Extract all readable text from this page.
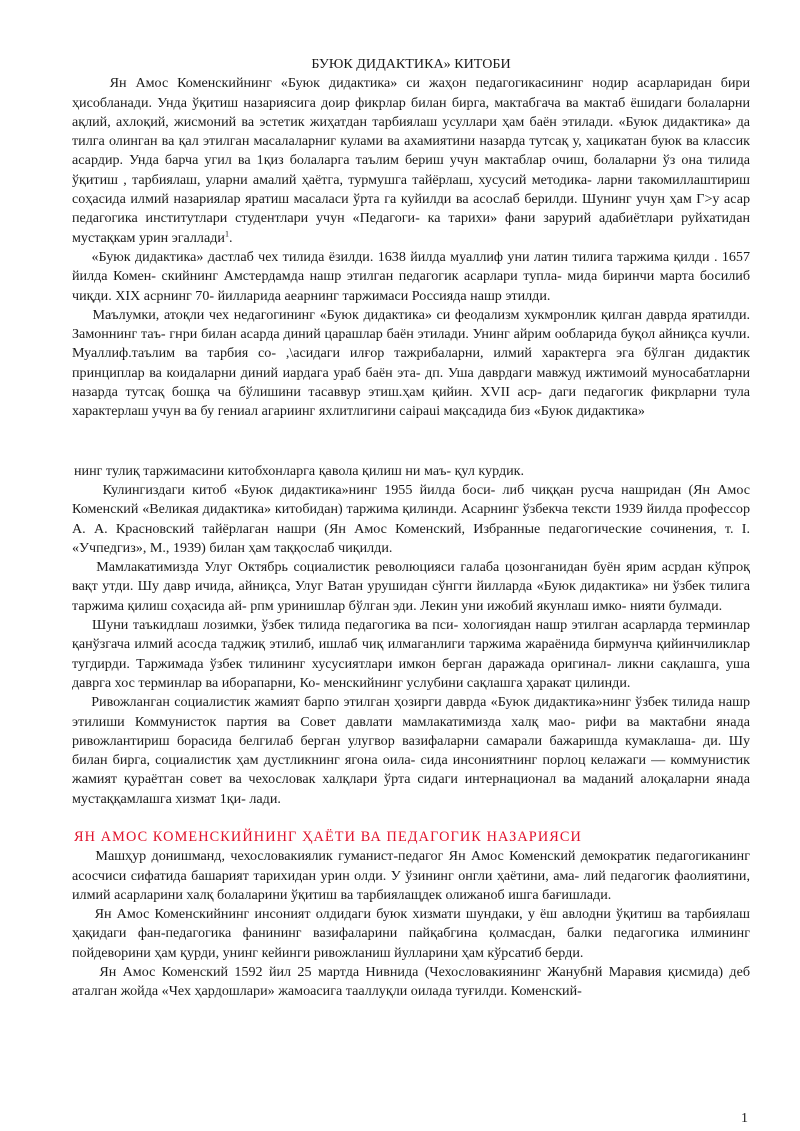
БУЮК ДИДАКТИКА» КИТОБИ

Ян Амос Коменскийнинг «Буюк дидактика» си жаҳон педагогикасининг нодир асарларидан бири ҳисобланади. Унда ўқитиш назариясига доир фикрлар билан бирга, мактабгача ва мактаб ёшидаги болаларни ақлий, ахлоқий, жисмоний ва эстетик жиҳатдан тарбиялаш усуллари ҳам баён этилади. «Буюк дидактика» да тилга олинган ва қал этилган масалаларниг кулами ва ахамиятини назарда тутсақ у, хацикатан буюк ва классик асардир. Унда барча угил ва 1қиз болаларга таълим бериш учун мактаблар очиш, болаларни ўз она тилида ўқитиш , тарбиялаш, уларни амалий ҳаётга, турмушга тайёрлаш, хусусий методика- ларни такомиллаштириш соҳасида илмий назариялар яратиш масаласи ўрта га куйилди ва асослаб берилди. Шунинг учун ҳам Г>у асар педагогика институтлари студентлари учун «Педагоги- ка тарихи» фани зарурий адабиётлари руйхатидан мустақкам урин эгаллади$^1$.

«Буюк дидактика» дастлаб чех тилида ёзилди. 1638 йилда муаллиф уни латин тилига таржима қилди . 1657 йилда Комен- скийнинг Амстердамда нашр этилган педагогик асарлари тупла- мида биринчи марта босилиб чиқди. XIX асрнинг 70- йилларида аеарнинг таржимаси Россияда нашр этилди.

Маълумки, атоқли чех недагогининг «Буюк дидактика» си феодализм хукмронлик қилган даврда яратилди. Замоннинг таъ- гнри билан асарда диний царашлар баён этилади. Унинг айрим ообларида буқол айниқса кучли. Муаллиф.таълим ва тарбия со- ,\асидаги илғор тажрибаларни, илмий характерга эга бўлган дидактик принциплар ва коидаларни диний иардага ураб баён эта- дп. Уша даврдаги мавжуд ижтимоий муносабатларни назарда тутсақ бошқа ча бўлишини тасаввур этиш.ҳам қийин. XVII аср- даги педагогик фикрларни тула характерлаш учун ва бу гениал агариинг яхлитлигини саipaui мақсадида биз «Буюк дидактика»

нинг тулиқ таржимасини китобхонларга қавола қилиш ни маъ- қул курдик.

Кулингиздаги китоб «Буюк дидактика»нинг 1955 йилда боси- либ чиққан русча нашридан (Ян Амос Коменский «Великая дидактика» китобидан) таржима қилинди. Асарнинг ўзбекча тексти 1939 йилда профессор А. А. Красновский тайёрлаган нашри (Ян Амос Коменский, Избранные педагогические сочинения, т. I. «Учпедгиз», М., 1939) билан ҳам таққослаб чиқилди.

Мамлакатимизда Улуг Октябрь социалистик революцияси галаба цозонганидан буён ярим асрдан кўпроқ вақт утди. Шу давр ичида, айниқса, Улуг Ватан урушидан сўнгги йилларда «Буюк дидактика» ни ўзбек тилига таржима қилиш соҳасида ай- рпм уринишлар бўлган эди. Лекин уни ижобий якунлаш имко- нияти булмади.

Шуни таъкидлаш лозимки, ўзбек тилида педагогика ва пси- хологиядан нашр этилган асарларда терминлар қанўзгача илмий асосда таджиқ этилиб, ишлаб чиқ илмаганлиги таржима жараёнида бирмунча қийинчиликлар тугдирди. Таржимада ўзбек тилининг хусусиятлари имкон берган даражада оригинал- ликни сақлашга, уша даврга хос терминлар ва иборапарни, Ко- менскийнинг услубини сақлашга ҳаракат цилинди.

Ривожланган социалистик жамият барпо этилган ҳозирги даврда «Буюк дидактика»нинг ўзбек тилида нашр этилиши Коммунисток партия ва Совет давлати мамлакатимизда халқ мао- рифи ва мактабни янада ривожлантириш борасида белгилаб берган улугвор вазифаларни самарали бажаришда кумаклаша- ди. Шу билан бирга, социалистик ҳам дустликнинг ягона оила- сида инсониятнинг порлоц келажаги — коммунистик жамият қураётган совет ва чехословак халқлари ўрта сидаги интернационал ва маданий алоқаларни янада мустаққамлашга хизмат 1қи- лади.

ЯН АМОС КОМЕНСКИЙНИНГ ҲАЁТИ ВА ПЕДАГОГИК НАЗАРИЯСИ

Машҳур донишманд, чехословакиялик гуманист-педагог Ян Амос Коменский демократик педагогиканинг асосчиси сифатида башарият тарихидан урин олди. У ўзининг онгли ҳаётини, ама- лий педагогик фаолиятини, илмий асарларини халқ болаларини ўқитиш ва тарбиялащдек олижаноб ишга бағишлади.

Ян Амос Коменскийнинг инсоният олдидаги буюк хизмати шундаки, у ёш авлодни ўқитиш ва тарбиялаш ҳақидаги фан-педагогика фанининг вазифаларини пайқабгина қолмасдан, балки педагогика илмининг пойдеворини ҳам қурди, унинг кейинги ривожланиш йулларини ҳам кўрсатиб берди.

Ян Амос Коменский 1592 йил 25 мартда Нивнида (Чехословакиянинг Жанубнй Маравия қисмида) деб аталган жойда «Чех ҳардошлари» жамоасига тааллуқли оилада туғилди. Коменский-

1
